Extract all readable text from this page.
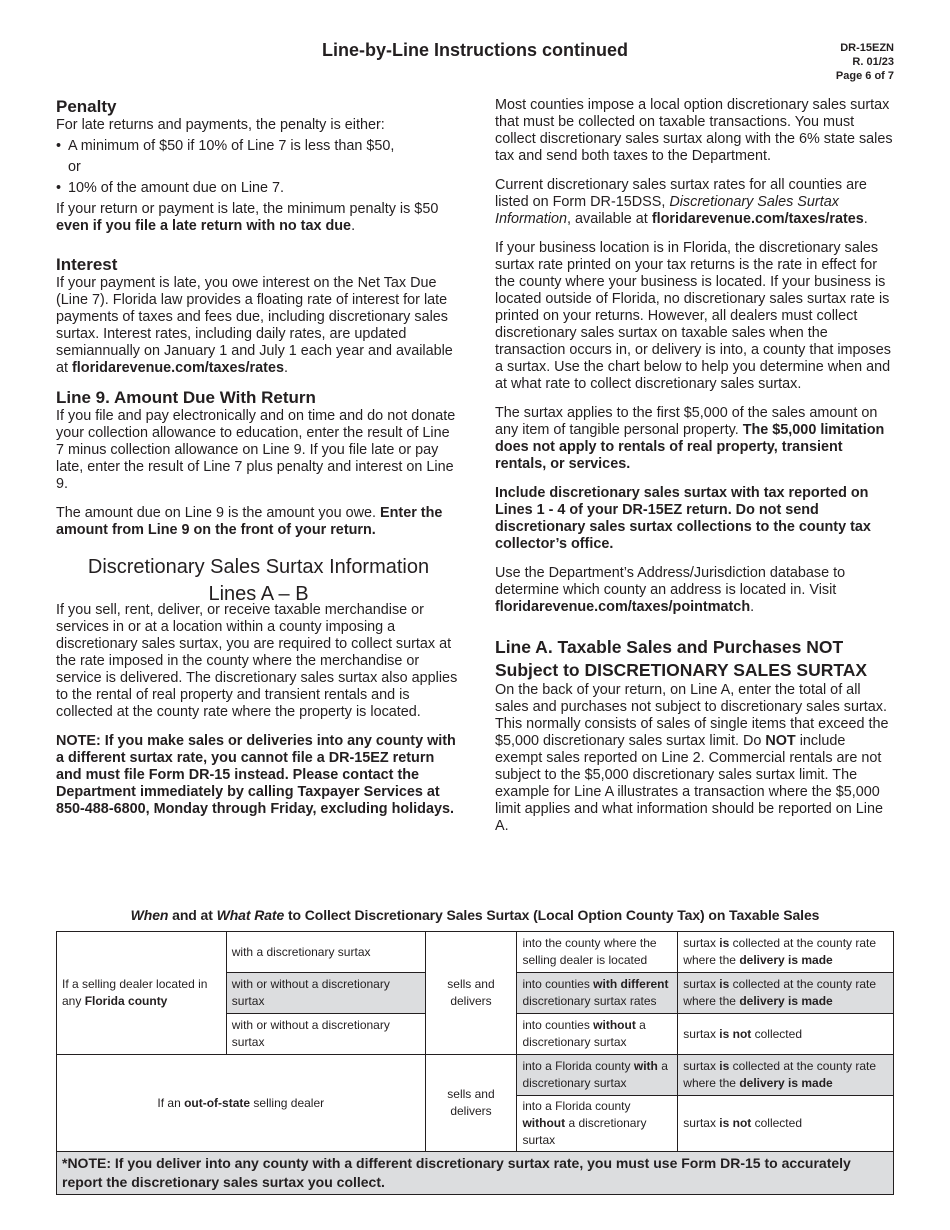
Line-by-Line Instructions continued	DR-15EZN
R. 01/23
Page 6 of 7
Penalty

For late returns and payments, the penalty is either:

• A minimum of $50 if 10% of Line 7 is less than $50,
or
• 10% of the amount due on Line 7.

If your return or payment is late, the minimum penalty is $50 even if you file a late return with no tax due.

Interest

If your payment is late, you owe interest on the Net Tax Due (Line 7). Florida law provides a floating rate of interest for late payments of taxes and fees due, including discretionary sales surtax. Interest rates, including daily rates, are updated semiannually on January 1 and July 1 each year and available at floridarevenue.com/taxes/rates.

Line 9. Amount Due With Return

If you file and pay electronically and on time and do not donate your collection allowance to education, enter the result of Line 7 minus collection allowance on Line 9. If you file late or pay late, enter the result of Line 7 plus penalty and interest on Line 9.

The amount due on Line 9 is the amount you owe. Enter the amount from Line 9 on the front of your return.

Discretionary Sales Surtax Information
Lines A – B

If you sell, rent, deliver, or receive taxable merchandise or services in or at a location within a county imposing a discretionary sales surtax, you are required to collect surtax at the rate imposed in the county where the merchandise or service is delivered. The discretionary sales surtax also applies to the rental of real property and transient rentals and is collected at the county rate where the property is located.

NOTE: If you make sales or deliveries into any county with a different surtax rate, you cannot file a DR-15EZ return and must file Form DR-15 instead. Please contact the Department immediately by calling Taxpayer Services at 850-488-6800, Monday through Friday, excluding holidays.

Most counties impose a local option discretionary sales surtax that must be collected on taxable transactions. You must collect discretionary sales surtax along with the 6% state sales tax and send both taxes to the Department.

Current discretionary sales surtax rates for all counties are listed on Form DR-15DSS, Discretionary Sales Surtax Information, available at floridarevenue.com/taxes/rates.

If your business location is in Florida, the discretionary sales surtax rate printed on your tax returns is the rate in effect for the county where your business is located. If your business is located outside of Florida, no discretionary sales surtax rate is printed on your returns. However, all dealers must collect discretionary sales surtax on taxable sales when the transaction occurs in, or delivery is into, a county that imposes a surtax. Use the chart below to help you determine when and at what rate to collect discretionary sales surtax.

The surtax applies to the first $5,000 of the sales amount on any item of tangible personal property. The $5,000 limitation does not apply to rentals of real property, transient rentals, or services.

Include discretionary sales surtax with tax reported on Lines 1 - 4 of your DR-15EZ return. Do not send discretionary sales surtax collections to the county tax collector’s office.

Use the Department’s Address/Jurisdiction database to determine which county an address is located in. Visit floridarevenue.com/taxes/pointmatch.

Line A. Taxable Sales and Purchases NOT Subject to DISCRETIONARY SALES SURTAX

On the back of your return, on Line A, enter the total of all sales and purchases not subject to discretionary sales surtax. This normally consists of sales of single items that exceed the $5,000 discretionary sales surtax limit. Do NOT include exempt sales reported on Line 2. Commercial rentals are not subject to the $5,000 discretionary sales surtax limit. The example for Line A illustrates a transaction where the $5,000 limit applies and what information should be reported on Line A.

When and at What Rate to Collect Discretionary Sales Surtax (Local Option County Tax) on Taxable Sales
If a selling dealer located in any Florida county	with a discretionary surtax	sells and delivers	into the county where the selling dealer is located	surtax is collected at the county rate where the delivery is made
	with or without a discretionary surtax		into counties with different discretionary surtax rates	surtax is collected at the county rate where the delivery is made
	with or without a discretionary surtax		into counties without a discretionary surtax	surtax is not collected
If an out-of-state selling dealer		sells and delivers	into a Florida county with a discretionary surtax	surtax is collected at the county rate where the delivery is made
			into a Florida county without a discretionary surtax	surtax is not collected
*NOTE: If you deliver into any county with a different discretionary surtax rate, you must use Form DR-15 to accurately report the discretionary sales surtax you collect.				
